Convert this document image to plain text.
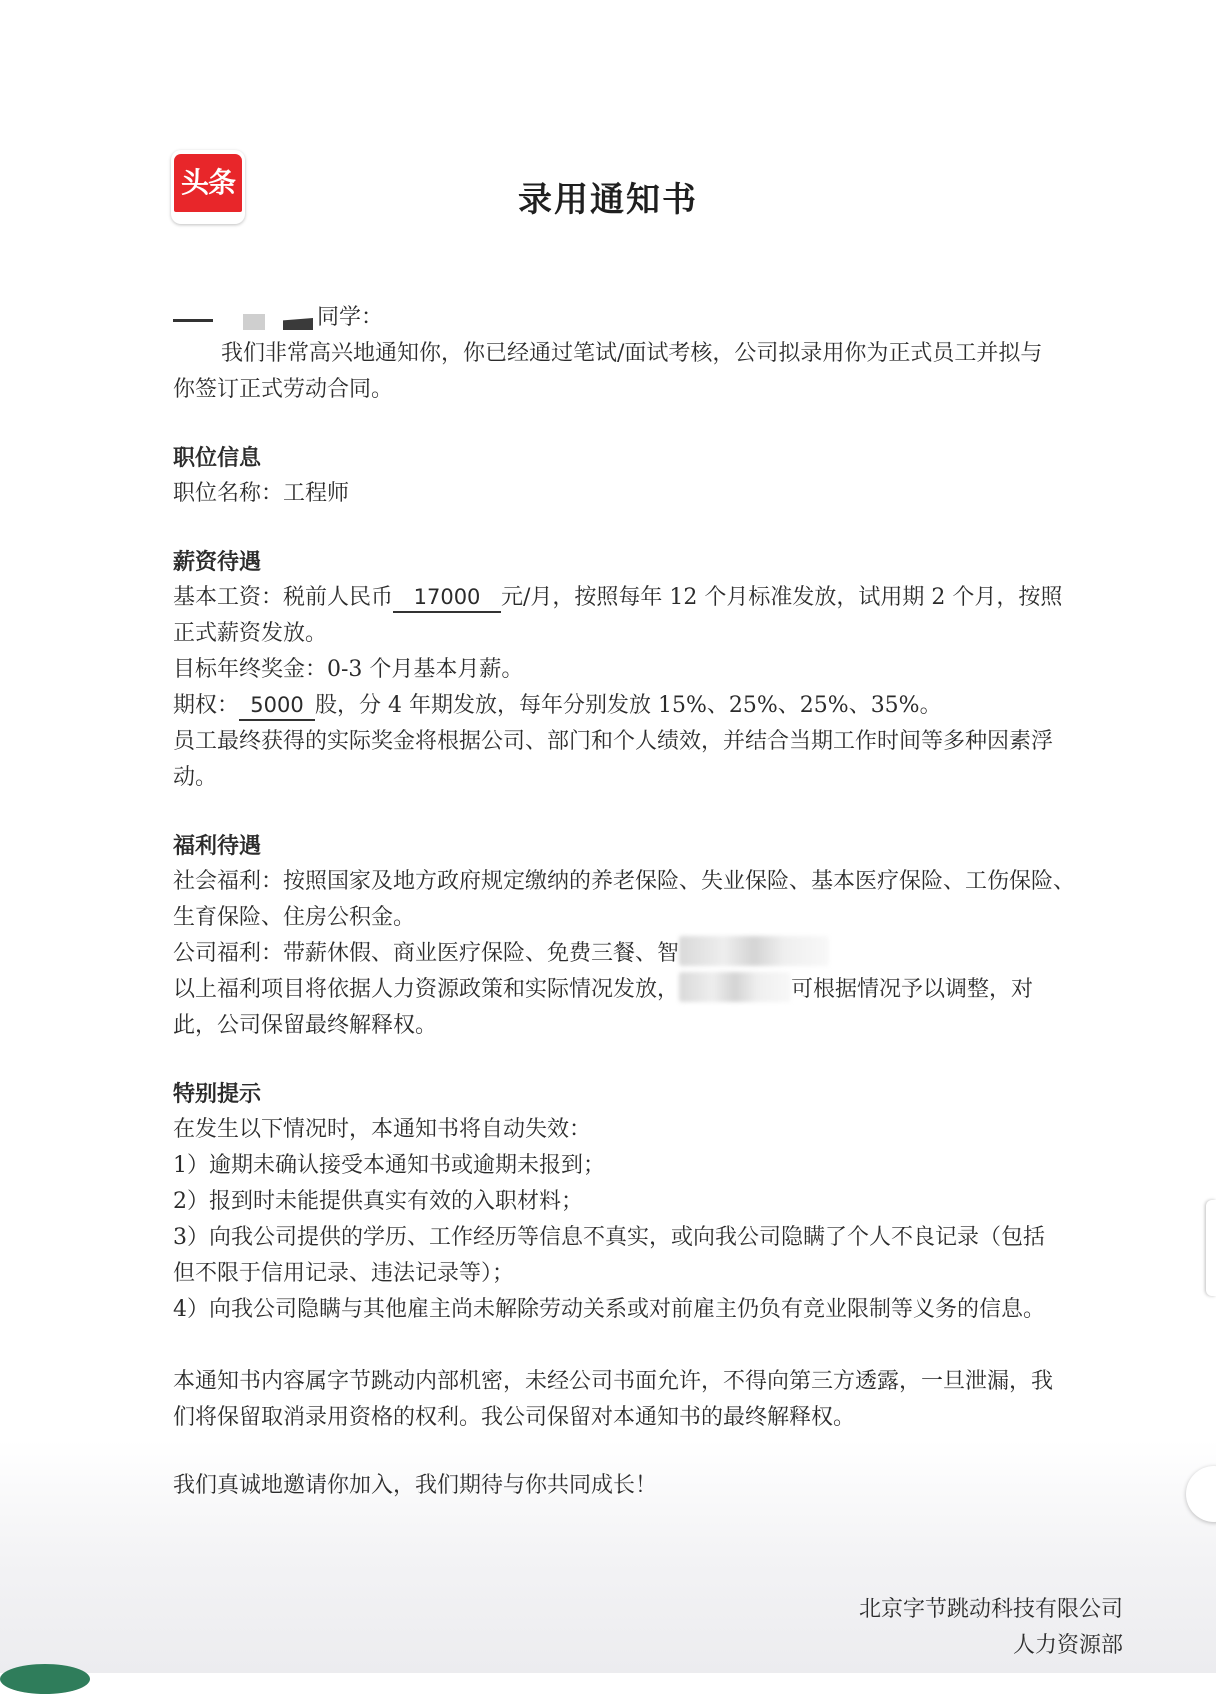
头条	录用通知书
同学：
我们非常高兴地通知你，你已经通过笔试/面试考核，公司拟录用你为正式员工并拟与
你签订正式劳动合同。
职位信息
职位名称：工程师
薪资待遇
基本工资：税前人民币 17000 元/月，按照每年 12 个月标准发放，试用期 2 个月，按照
正式薪资发放。
目标年终奖金：0-3 个月基本月薪。
期权： 5000 股，分 4 年期发放，每年分别发放 15%、25%、25%、35%。
员工最终获得的实际奖金将根据公司、部门和个人绩效，并结合当期工作时间等多种因素浮
动。
福利待遇
社会福利：按照国家及地方政府规定缴纳的养老保险、失业保险、基本医疗保险、工伤保险、
生育保险、住房公积金。
公司福利：带薪休假、商业医疗保险、免费三餐、智
以上福利项目将依据人力资源政策和实际情况发放，	可根据情况予以调整，对
此，公司保留最终解释权。
特别提示
在发生以下情况时，本通知书将自动失效：
1）逾期未确认接受本通知书或逾期未报到；
2）报到时未能提供真实有效的入职材料；
3）向我公司提供的学历、工作经历等信息不真实，或向我公司隐瞒了个人不良记录（包括
但不限于信用记录、违法记录等）；
4）向我公司隐瞒与其他雇主尚未解除劳动关系或对前雇主仍负有竞业限制等义务的信息。
本通知书内容属字节跳动内部机密，未经公司书面允许，不得向第三方透露，一旦泄漏，我
们将保留取消录用资格的权利。我公司保留对本通知书的最终解释权。
我们真诚地邀请你加入，我们期待与你共同成长！
北京字节跳动科技有限公司
人力资源部
